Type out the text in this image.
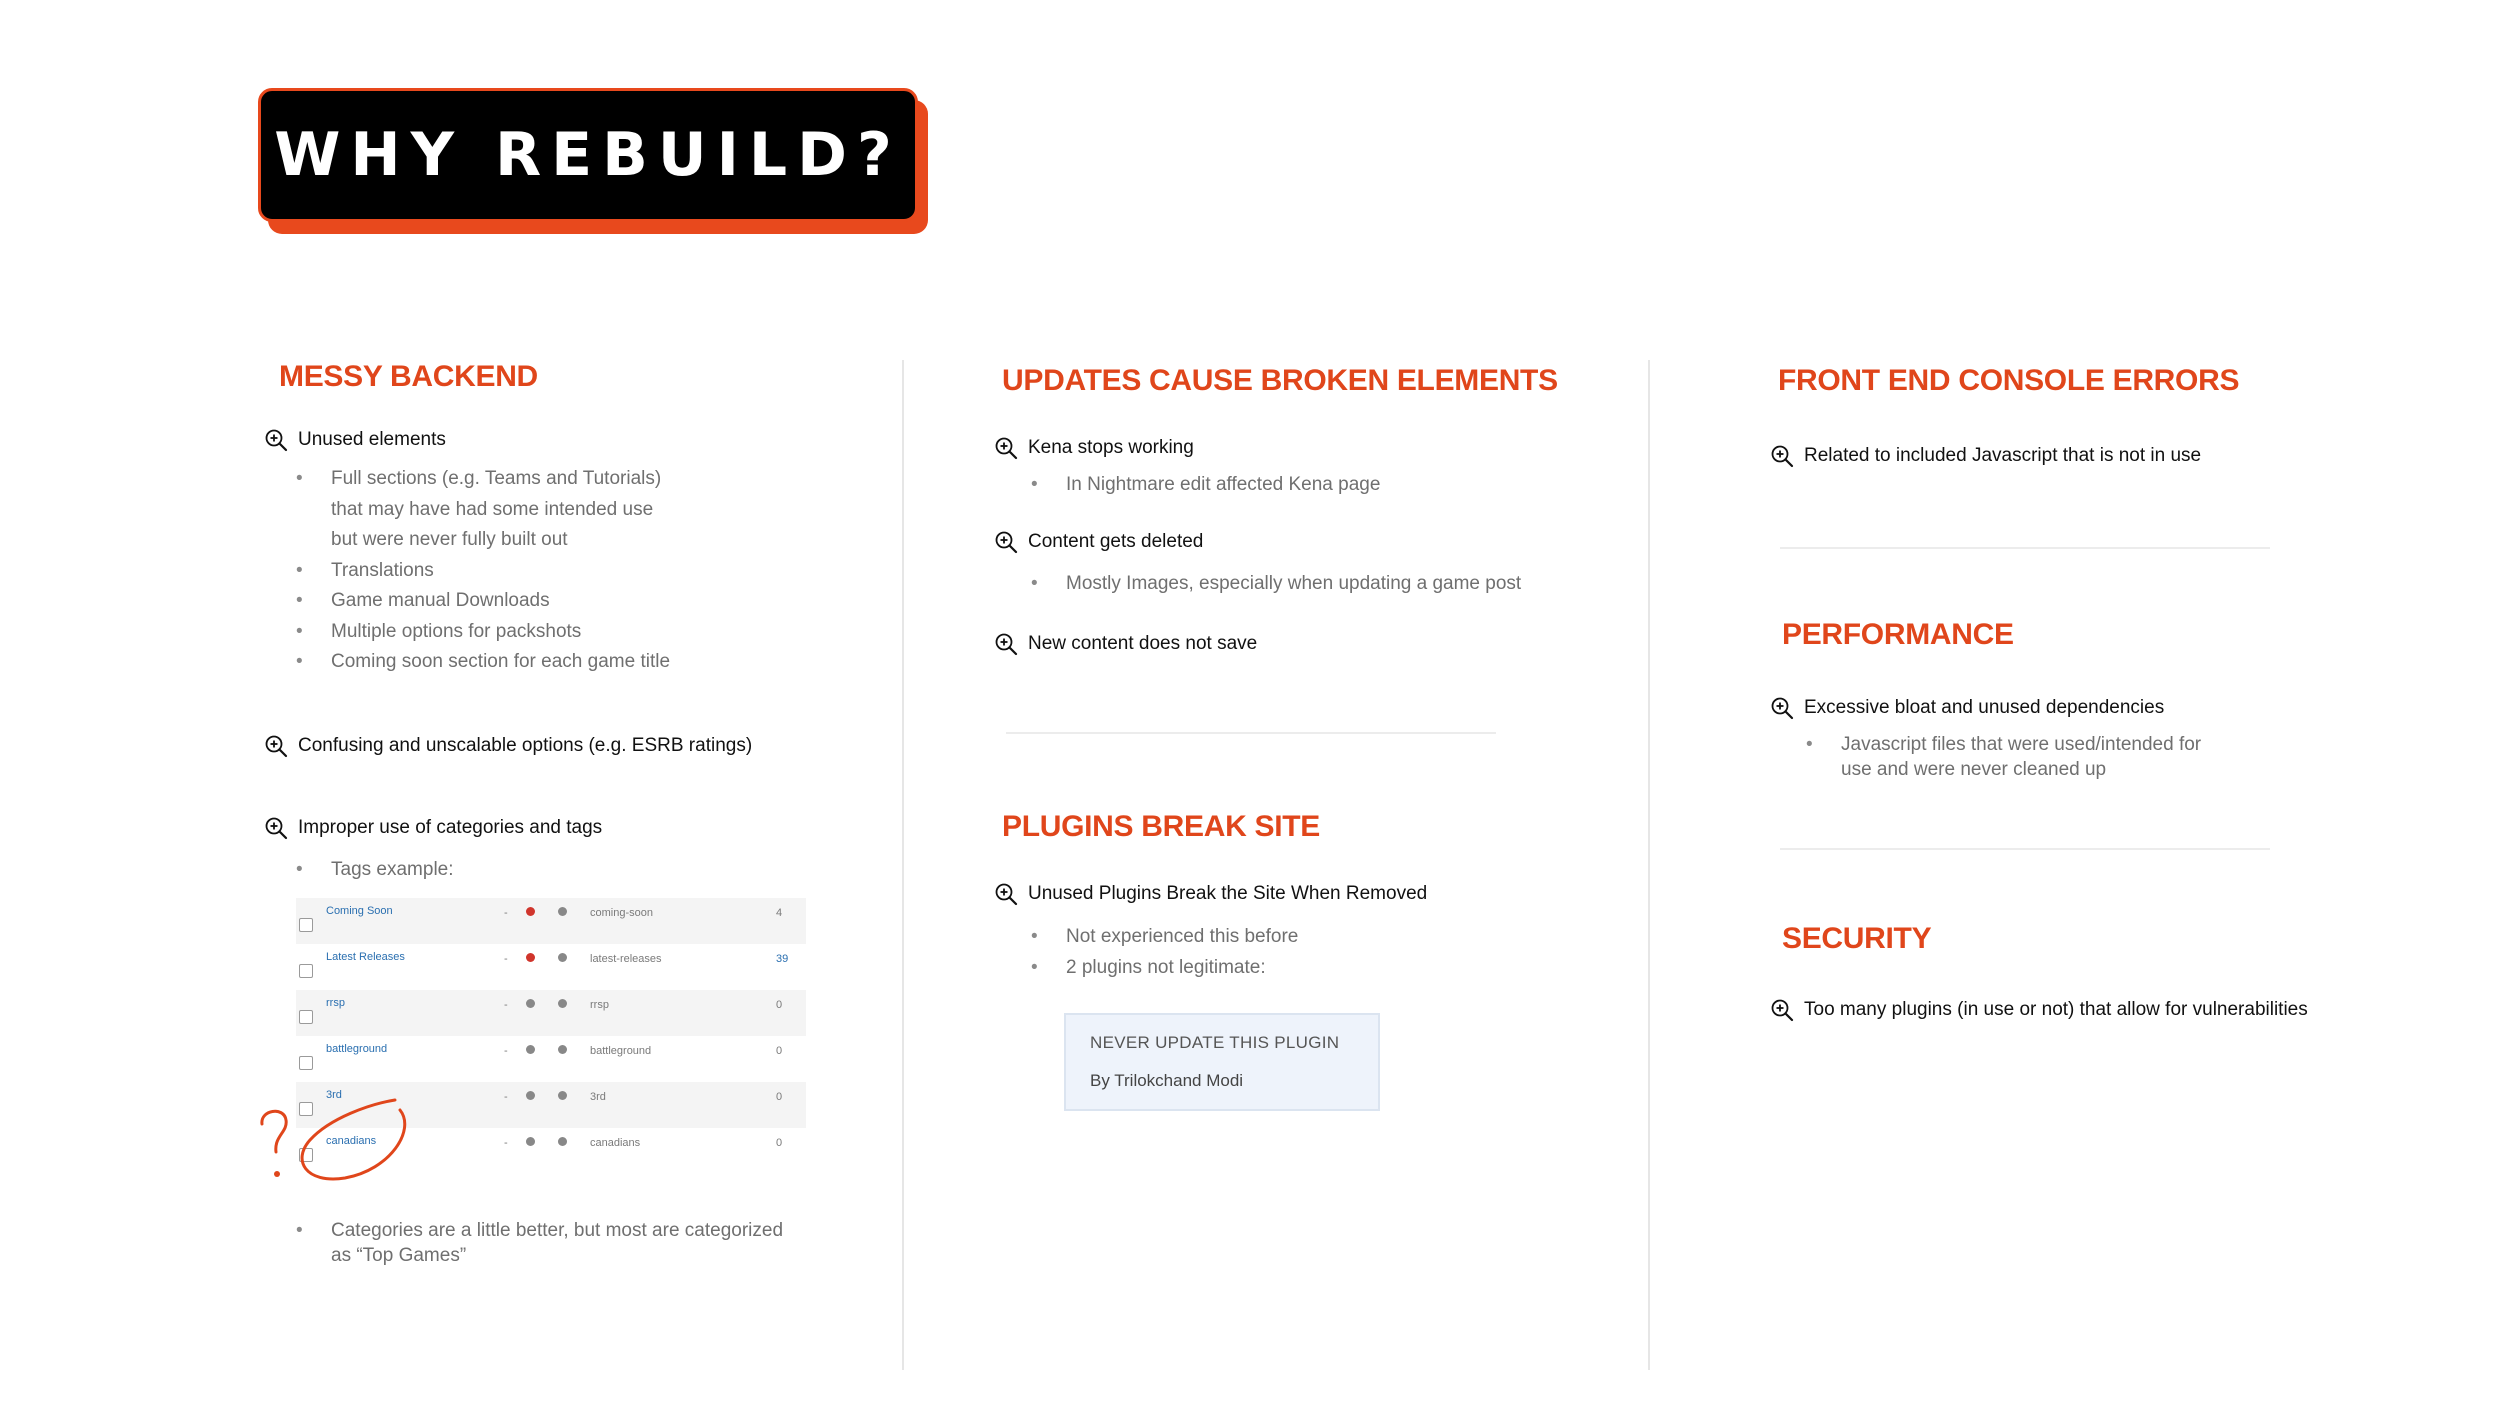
WHY REBUILD?
MESSY BACKEND
Unused elements
• Full sections (e.g. Teams and Tutorials)
that may have had some intended use
but were never fully built out
• Translations
• Game manual Downloads
• Multiple options for packshots
• Coming soon section for each game title
Confusing and unscalable options (e.g. ESRB ratings)
Improper use of categories and tags
• Tags example:
Coming Soon	-	coming-soon	4
Latest Releases	-	latest-releases	39
rrsp	-	rrsp	0
battleground	-	battleground	0
3rd	-	3rd	0
canadians	-	canadians	0
• Categories are a little better, but most are categorized
as “Top Games”
UPDATES CAUSE BROKEN ELEMENTS
Kena stops working
• In Nightmare edit affected Kena page
Content gets deleted
• Mostly Images, especially when updating a game post
New content does not save
PLUGINS BREAK SITE
Unused Plugins Break the Site When Removed
• Not experienced this before
• 2 plugins not legitimate:
NEVER UPDATE THIS PLUGIN
By Trilokchand Modi
FRONT END CONSOLE ERRORS
Related to included Javascript that is not in use
PERFORMANCE
Excessive bloat and unused dependencies
• Javascript files that were used/intended for
use and were never cleaned up
SECURITY
Too many plugins (in use or not) that allow for vulnerabilities
